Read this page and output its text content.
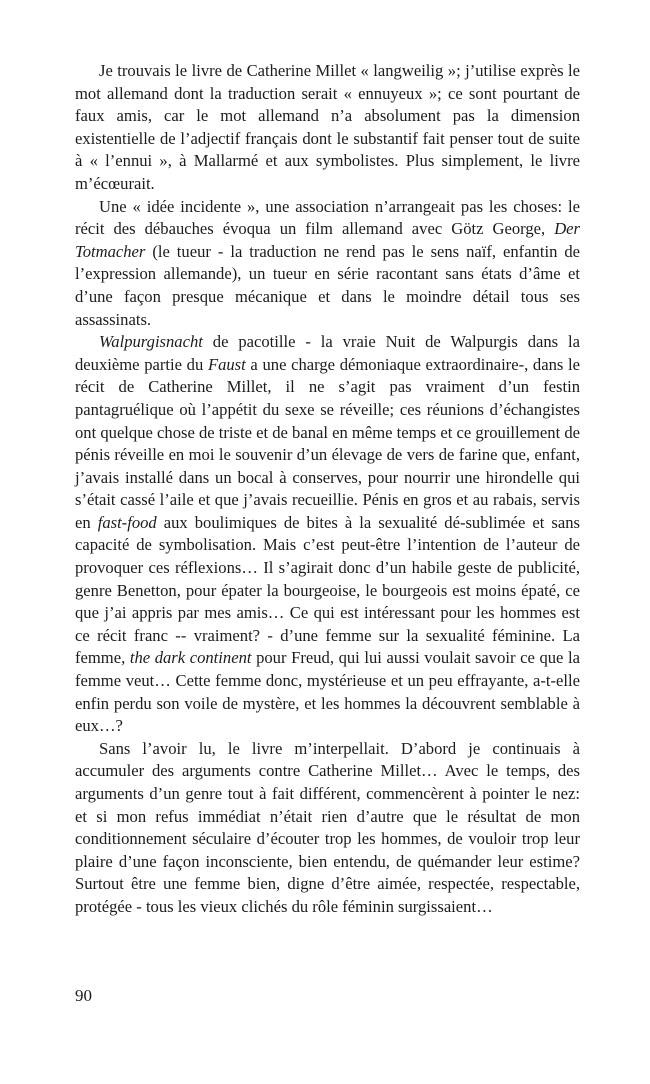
Je trouvais le livre de Catherine Millet « langweilig »; j’utilise exprès le mot allemand dont la traduction serait « ennuyeux »; ce sont pourtant de faux amis, car le mot allemand n’a absolument pas la dimension existentielle de l’adjectif français dont le substantif fait penser tout de suite à « l’ennui », à Mallarmé et aux symbolistes. Plus simplement, le livre m’écœurait.

Une « idée incidente », une association n’arrangeait pas les choses: le récit des débauches évoqua un film allemand avec Götz George, Der Totmacher (le tueur - la traduction ne rend pas le sens naïf, enfantin de l’expression allemande), un tueur en série racontant sans états d’âme et d’une façon presque mécanique et dans le moindre détail tous ses assassinats.

Walpurgisnacht de pacotille - la vraie Nuit de Walpurgis dans la deuxième partie du Faust a une charge démoniaque extraordinaire-, dans le récit de Catherine Millet, il ne s’agit pas vraiment d’un festin pantagruélique où l’appétit du sexe se réveille; ces réunions d’échangistes ont quelque chose de triste et de banal en même temps et ce grouillement de pénis réveille en moi le souvenir d’un élevage de vers de farine que, enfant, j’avais installé dans un bocal à conserves, pour nourrir une hirondelle qui s’était cassé l’aile et que j’avais recueillie. Pénis en gros et au rabais, servis en fast-food aux boulimiques de bites à la sexualité dé-sublimée et sans capacité de symbolisation. Mais c’est peut-être l’intention de l’auteur de provoquer ces réflexions… Il s’agirait donc d’un habile geste de publicité, genre Benetton, pour épater la bourgeoise, le bourgeois est moins épaté, ce que j’ai appris par mes amis… Ce qui est intéressant pour les hommes est ce récit franc -- vraiment? - d’une femme sur la sexualité féminine. La femme, the dark continent pour Freud, qui lui aussi voulait savoir ce que la femme veut… Cette femme donc, mystérieuse et un peu effrayante, a-t-elle enfin perdu son voile de mystère, et les hommes la découvrent semblable à eux…?

Sans l’avoir lu, le livre m’interpellait. D’abord je continuais à accumuler des arguments contre Catherine Millet… Avec le temps, des arguments d’un genre tout à fait différent, commencèrent à pointer le nez: et si mon refus immédiat n’était rien d’autre que le résultat de mon conditionnement séculaire d’écouter trop les hommes, de vouloir trop leur plaire d’une façon inconsciente, bien entendu, de quémander leur estime? Surtout être une femme bien, digne d’être aimée, respectée, respectable, protégée - tous les vieux clichés du rôle féminin surgissaient…

90
